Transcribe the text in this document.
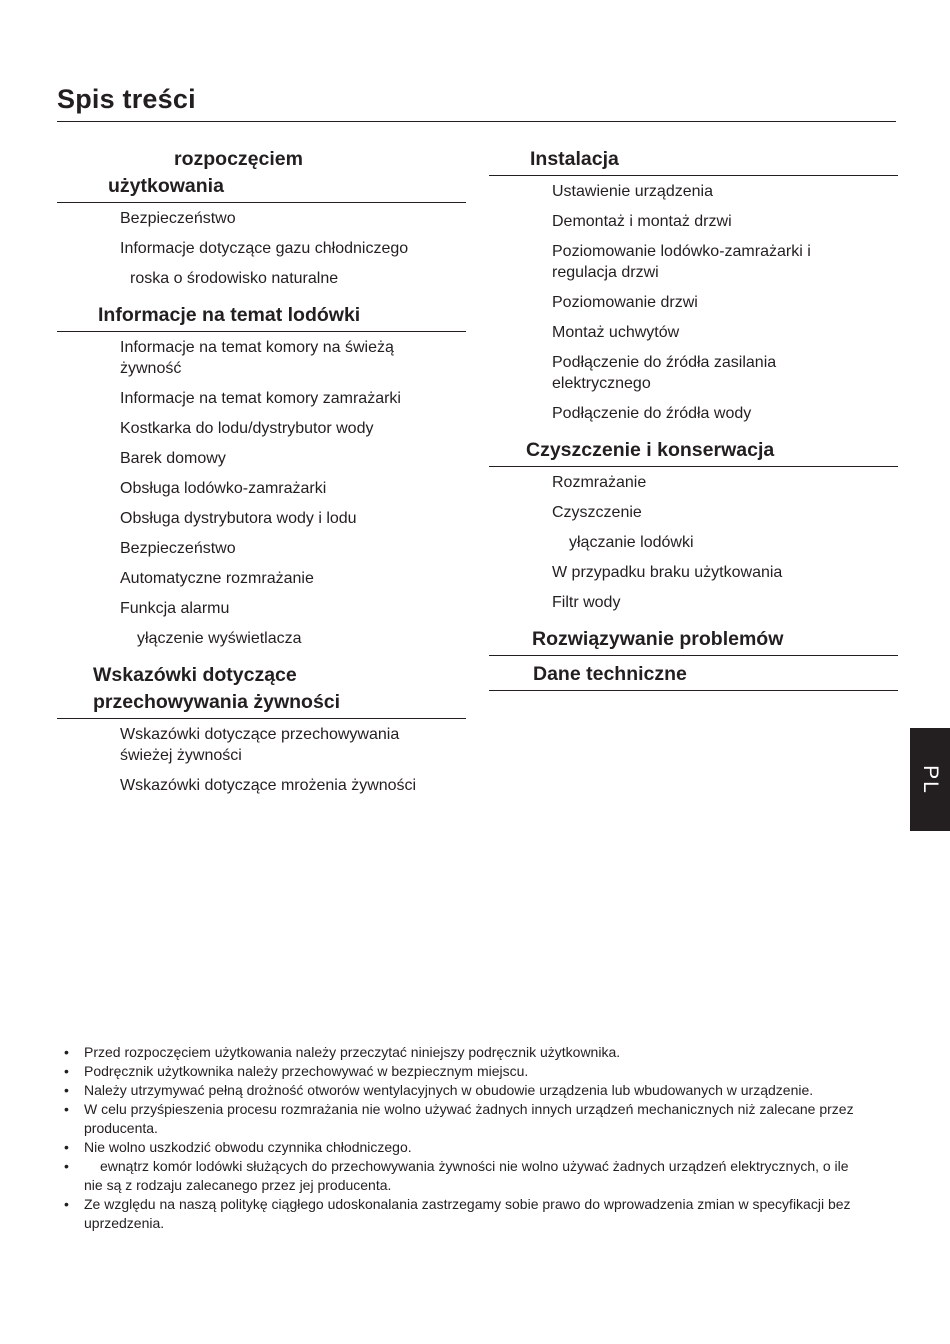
Spis treści
rozpoczęciem
użytkowania
Bezpieczeństwo
Informacje dotyczące gazu chłodniczego
roska o środowisko naturalne
Informacje na temat lodówki
Informacje na temat komory na świeżą żywność
Informacje na temat komory zamrażarki
Kostkarka do lodu/dystrybutor wody
Barek domowy
Obsługa lodówko-zamrażarki
Obsługa dystrybutora wody i lodu
Bezpieczeństwo
Automatyczne rozmrażanie
Funkcja alarmu
yłączenie wyświetlacza
Wskazówki dotyczące
przechowywania żywności
Wskazówki dotyczące przechowywania świeżej żywności
Wskazówki dotyczące mrożenia żywności
Instalacja
Ustawienie urządzenia
Demontaż i montaż drzwi
Poziomowanie lodówko-zamrażarki i regulacja drzwi
Poziomowanie drzwi
Montaż uchwytów
Podłączenie do źródła zasilania elektrycznego
Podłączenie do źródła wody
Czyszczenie i konserwacja
Rozmrażanie
Czyszczenie
yłączanie lodówki
W przypadku braku użytkowania
Filtr wody
Rozwiązywanie problemów
Dane techniczne
• Przed rozpoczęciem użytkowania należy przeczytać niniejszy podręcznik użytkownika.
• Podręcznik użytkownika należy przechowywać w bezpiecznym miejscu.
• Należy utrzymywać pełną drożność otworów wentylacyjnych w obudowie urządzenia lub wbudowanych w urządzenie.
• W celu przyśpieszenia procesu rozmrażania nie wolno używać żadnych innych urządzeń mechanicznych niż zalecane przez producenta.
• Nie wolno uszkodzić obwodu czynnika chłodniczego.
• ewnątrz komór lodówki służących do przechowywania żywności nie wolno używać żadnych urządzeń elektrycznych, o ile nie są z rodzaju zalecanego przez jej producenta.
• Ze względu na naszą politykę ciągłego udoskonalania zastrzegamy sobie prawo do wprowadzenia zmian w specyfikacji bez uprzedzenia.
PL
